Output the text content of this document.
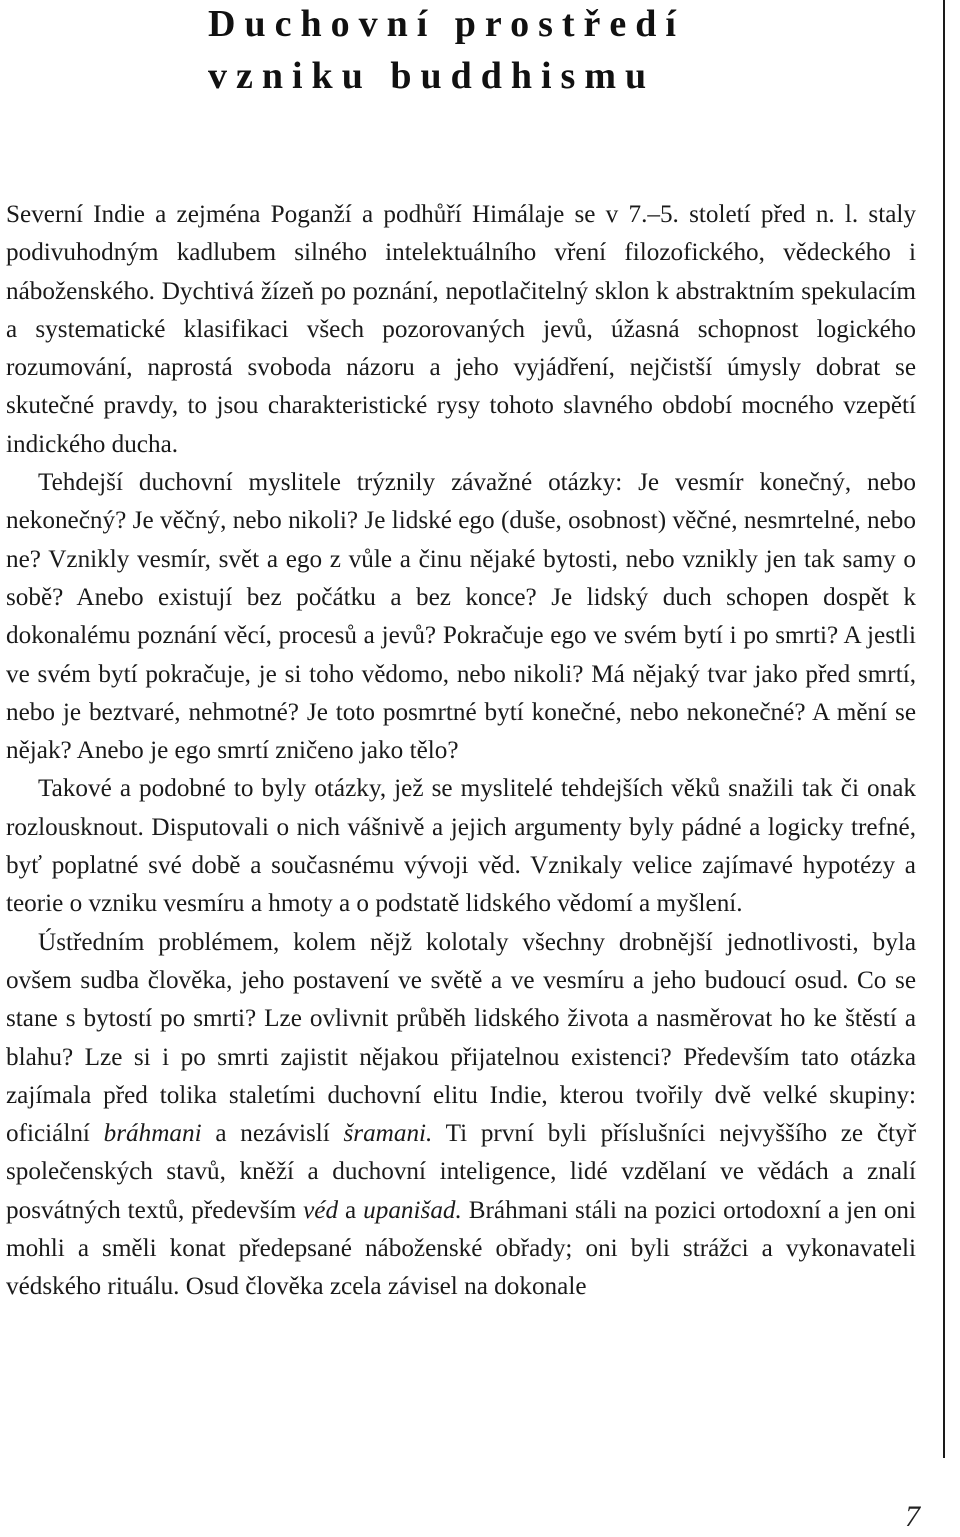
Duchovní prostředí
vzniku buddhismu

Severní Indie a zejména Poganží a podhůří Himálaje se v 7.–5. století před n. l. staly podivuhodným kadlubem silného intelektuálního vření filozofického, vědeckého i náboženského. Dychtivá žízeň po poznání, nepotlačitelný sklon k abstraktním spekulacím a systematické klasifikaci všech pozorovaných jevů, úžasná schopnost logického rozumování, naprostá svoboda názoru a jeho vyjádření, nejčistší úmysly dobrat se skutečné pravdy, to jsou charakteristické rysy tohoto slavného období mocného vzepětí indického ducha.

Tehdejší duchovní myslitele trýznily závažné otázky: Je vesmír konečný, nebo nekonečný? Je věčný, nebo nikoli? Je lidské ego (duše, osobnost) věčné, nesmrtelné, nebo ne? Vznikly vesmír, svět a ego z vůle a činu nějaké bytosti, nebo vznikly jen tak samy o sobě? Anebo existují bez počátku a bez konce? Je lidský duch schopen dospět k dokonalému poznání věcí, procesů a jevů? Pokračuje ego ve svém bytí i po smrti? A jestli ve svém bytí pokračuje, je si toho vědomo, nebo nikoli? Má nějaký tvar jako před smrtí, nebo je beztvaré, nehmotné? Je toto posmrtné bytí konečné, nebo nekonečné? A mění se nějak? Anebo je ego smrtí zničeno jako tělo?

Takové a podobné to byly otázky, jež se myslitelé tehdejších věků snažili tak či onak rozlousknout. Disputovali o nich vášnivě a jejich argumenty byly pádné a logicky trefné, byť poplatné své době a současnému vývoji věd. Vznikaly velice zajímavé hypotézy a teorie o vzniku vesmíru a hmoty a o podstatě lidského vědomí a myšlení.

Ústředním problémem, kolem nějž kolotaly všechny drobnější jednotlivosti, byla ovšem sudba člověka, jeho postavení ve světě a ve vesmíru a jeho budoucí osud. Co se stane s bytostí po smrti? Lze ovlivnit průběh lidského života a nasměrovat ho ke štěstí a blahu? Lze si i po smrti zajistit nějakou přijatelnou existenci? Především tato otázka zajímala před tolika staletími duchovní elitu Indie, kterou tvořily dvě velké skupiny: oficiální bráhmani a nezávislí šramani. Ti první byli příslušníci nejvyššího ze čtyř společenských stavů, kněží a duchovní inteligence, lidé vzdělaní ve vědách a znalí posvátných textů, především véd a upanišad. Bráhmani stáli na pozici ortodoxní a jen oni mohli a směli konat předepsané náboženské obřady; oni byli strážci a vykonavateli védského rituálu. Osud člověka zcela závisel na dokonale

7
